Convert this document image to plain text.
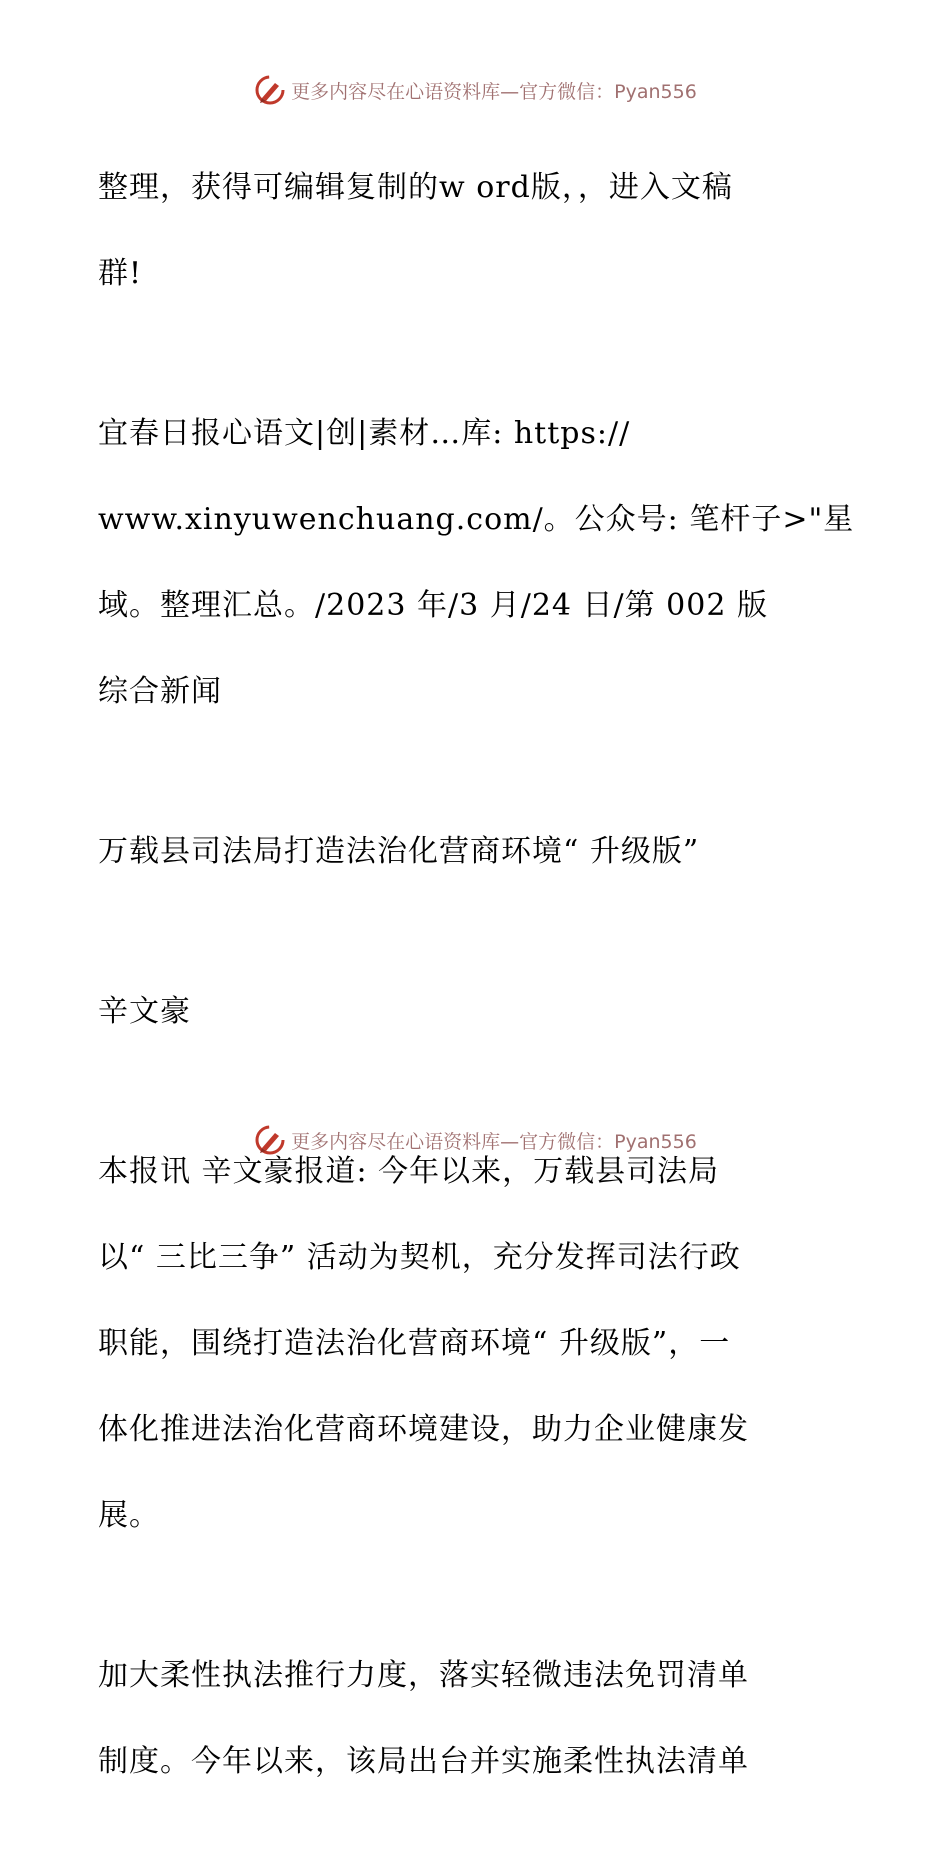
更多内容尽在心语资料库—官方微信：Pyan556

整理，获得可编辑复制的w ord版，，进入文稿

群!

宜春日报心语文|创|素材…库: https://

www.xinyuwenchuang.com/。公众号: 笔杆子>"星

域。整理汇总。/2023 年/3 月/24 日/第 002 版

综合新闻

万载县司法局打造法治化营商环境“ 升级版”

辛文豪

本报讯 辛文豪报道: 今年以来，万载县司法局

以“ 三比三争” 活动为契机，充分发挥司法行政

职能，围绕打造法治化营商环境“ 升级版”，一

体化推进法治化营商环境建设，助力企业健康发

展。

加大柔性执法推行力度，落实轻微违法免罚清单

制度。今年以来，该局出台并实施柔性执法清单

更多内容尽在心语资料库—官方微信：Pyan556
